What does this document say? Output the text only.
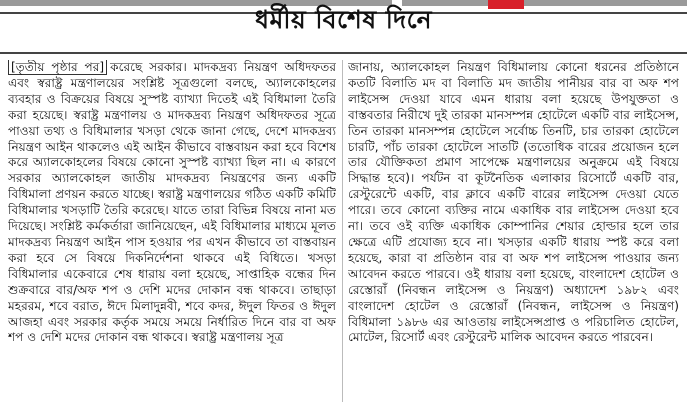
ধর্মীয় বিশেষ দিনে

[তৃতীয় পৃষ্ঠার পর] করেছে সরকার। মাদকদ্রব্য নিয়ন্ত্রণ অধিদফতর এবং স্বরাষ্ট্র মন্ত্রণালয়ের সংশ্লিষ্ট সূত্রগুলো বলছে, অ্যালকোহলের ব্যবহার ও বিক্রয়ের বিষয়ে সুস্পষ্ট ব্যাখ্যা দিতেই এই বিধিমালা তৈরি করা হয়েছে। স্বরাষ্ট্র মন্ত্রণালয় ও মাদকদ্রব্য নিয়ন্ত্রণ অধিদফতর সূত্রে পাওয়া তথ্য ও বিধিমালার খসড়া থেকে জানা গেছে, দেশে মাদকদ্রব্য নিয়ন্ত্রণ আইন থাকলেও এই আইন কীভাবে বাস্তবায়ন করা হবে বিশেষ করে অ্যালকোহলের বিষয়ে কোনো সুস্পষ্ট ব্যাখ্যা ছিল না। এ কারণে সরকার অ্যালকোহল জাতীয় মাদকদ্রব্য নিয়ন্ত্রণের জন্য একটি বিধিমালা প্রণয়ন করতে যাচ্ছে। স্বরাষ্ট্র মন্ত্রণালয়ের গঠিত একটি কমিটি বিধিমালার খসড়াটি তৈরি করেছে। যাতে তারা বিভিন্ন বিষয়ে নানা মত দিয়েছে। সংশ্লিষ্ট কর্মকর্তারা জানিয়েছেন, এই বিধিমালার মাধ্যমে মূলত মাদকদ্রব্য নিয়ন্ত্রণ আইন পাস হওয়ার পর এখন কীভাবে তা বাস্তবায়ন করা হবে সে বিষয়ে দিকনির্দেশনা থাকবে এই বিধিতে। খসড়া বিধিমালার একেবারে শেষ ধারায় বলা হয়েছে, সাপ্তাহিক বন্ধের দিন শুক্রবারে বার/অফ শপ ও দেশি মদের দোকান বন্ধ থাকবে। তাছাড়া মহররম, শবে বরাত, ঈদে মিলাদুন্নবী, শবে কদর, ঈদুল ফিতর ও ঈদুল আজহা এবং সরকার কর্তৃক সময়ে সময়ে নির্ধারিত দিনে বার বা অফ শপ ও দেশি মদের দোকান বন্ধ থাকবে। স্বরাষ্ট্র মন্ত্রণালয় সূত্র

জানায়, অ্যালকোহল নিয়ন্ত্রণ বিধিমালায় কোনো ধরনের প্রতিষ্ঠানে কতটি বিলাতি মদ বা বিলাতি মদ জাতীয় পানীয়র বার বা অফ শপ লাইসেন্স দেওয়া যাবে এমন ধারায় বলা হয়েছে উপযুক্ততা ও বাস্তবতার নিরীখে দুই তারকা মানসম্পন্ন হোটেলে একটি বার লাইসেন্স, তিন তারকা মানসম্পন্ন হোটেলে সর্বোচ্চ তিনটি, চার তারকা হোটেলে চারটি, পাঁচ তারকা হোটেলে সাতটি (ততোধিক বারের প্রয়োজন হলে তার যৌক্তিকতা প্রমাণ সাপেক্ষে মন্ত্রণালয়ের অনুক্রমে এই বিষয়ে সিদ্ধান্ত হবে)। পর্যটন বা কূটনৈতিক এলাকার রিসোর্টে একটি বার, রেস্টুরেন্টে একটি, বার ক্লাবে একটি বারের লাইসেন্স দেওয়া যেতে পারে। তবে কোনো ব্যক্তির নামে একাধিক বার লাইসেন্স দেওয়া হবে না। তবে ওই ব্যক্তি একাধিক কোম্পানির শেয়ার হোল্ডার হলে তার ক্ষেত্রে এটি প্রযোজ্য হবে না। খসড়ার একটি ধারায় স্পষ্ট করে বলা হয়েছে, কারা বা প্রতিষ্ঠান বার বা অফ শপ লাইসেন্স পাওয়ার জন্য আবেদন করতে পারবে। ওই ধারায় বলা হয়েছে, বাংলাদেশ হোটেল ও রেস্তোরাঁ (নিবন্ধন লাইসেন্স ও নিয়ন্ত্রণ) অধ্যাদেশ ১৯৮২ এবং বাংলাদেশ হোটেল ও রেস্তোরাঁ (নিবন্ধন, লাইসেন্স ও নিয়ন্ত্রণ) বিধিমালা ১৯৮৬ এর আওতায় লাইসেন্সপ্রাপ্ত ও পরিচালিত হোটেল, মোটেল, রিসোর্ট এবং রেস্টুরেন্ট মালিক আবেদন করতে পারবেন।
